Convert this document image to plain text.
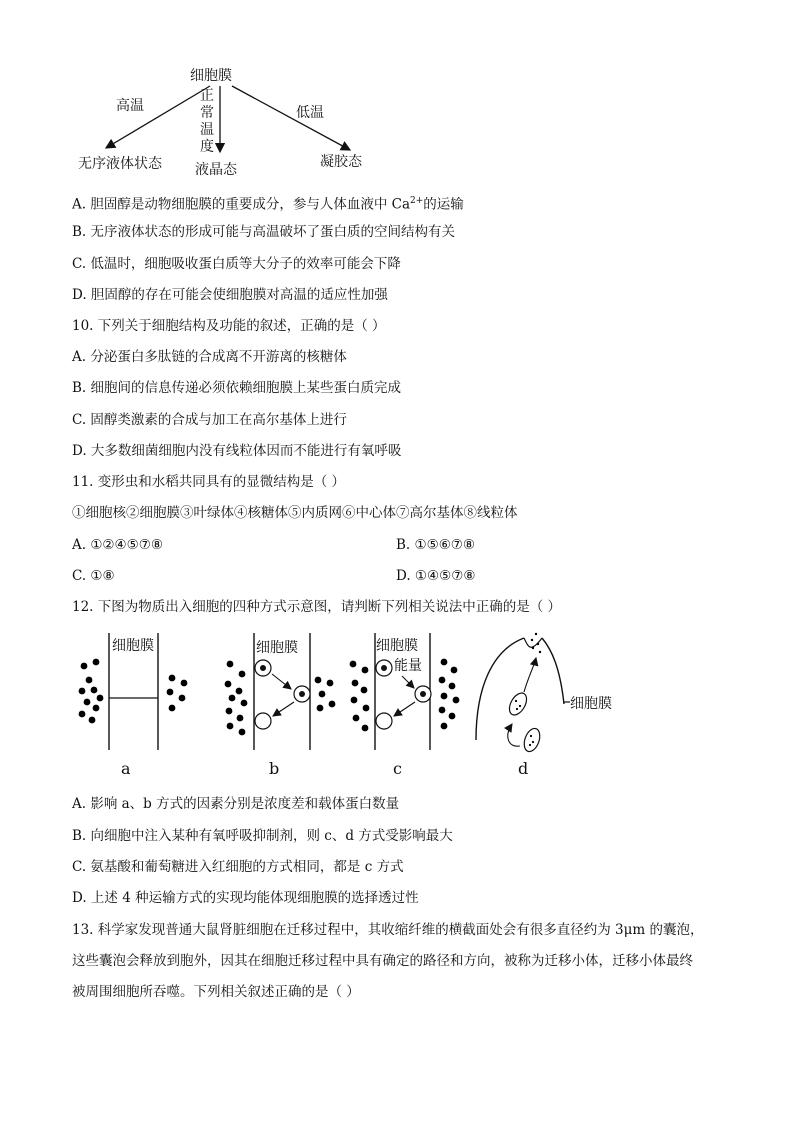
细胞膜
高温
正
常
温
度
低温
无序液体状态 液晶态	凝胶态
A. 胆固醇是动物细胞膜的重要成分，参与人体血液中 $Ca^{2+}$的运输
B. 无序液体状态的形成可能与高温破坏了蛋白质的空间结构有关
C. 低温时，细胞吸收蛋白质等大分子的效率可能会下降
D. 胆固醇的存在可能会使细胞膜对高温的适应性加强
10. 下列关于细胞结构及功能的叙述，正确的是（ ）
A. 分泌蛋白多肽链的合成离不开游离的核糖体
B. 细胞间的信息传递必须依赖细胞膜上某些蛋白质完成
C. 固醇类激素的合成与加工在高尔基体上进行
D. 大多数细菌细胞内没有线粒体因而不能进行有氧呼吸
11. 变形虫和水稻共同具有的显微结构是（ ）
①细胞核②细胞膜③叶绿体④核糖体⑤内质网⑥中心体⑦高尔基体⑧线粒体
A. ①②④⑤⑦⑧	B. ①⑤⑥⑦⑧
C. ①⑧	D. ①④⑤⑦⑧
12. 下图为物质出入细胞的四种方式示意图，请判断下列相关说法中正确的是（ ）
细胞膜
a
细胞膜
b
细胞膜
能量
c
细胞膜
d
A. 影响 a、b 方式的因素分别是浓度差和载体蛋白数量
B. 向细胞中注入某种有氧呼吸抑制剂，则 c、d 方式受影响最大
C. 氨基酸和葡萄糖进入红细胞的方式相同，都是 c 方式
D. 上述 4 种运输方式的实现均能体现细胞膜的选择透过性
13. 科学家发现普通大鼠肾脏细胞在迁移过程中，其收缩纤维的横截面处会有很多直径约为 3μm 的囊泡，
这些囊泡会释放到胞外，因其在细胞迁移过程中具有确定的路径和方向，被称为迁移小体，迁移小体最终
被周围细胞所吞噬。下列相关叙述正确的是（ ）
